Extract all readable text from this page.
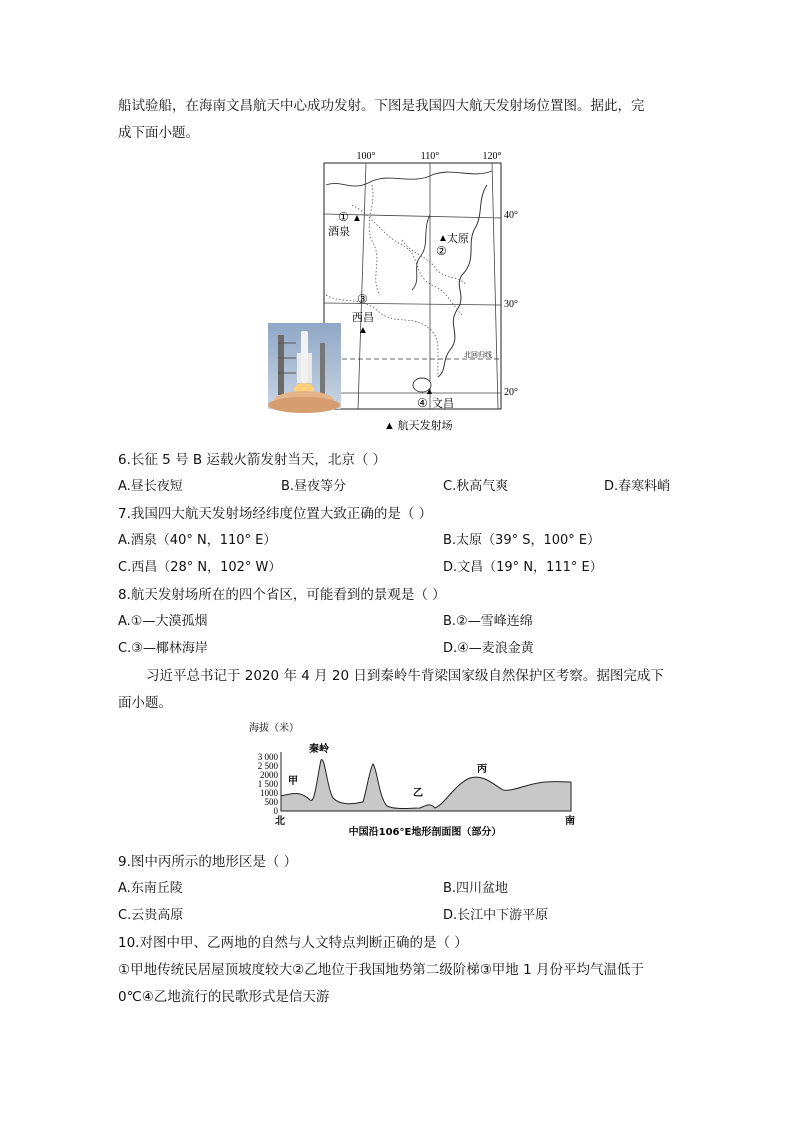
船试验船，在海南文昌航天中心成功发射。下图是我国四大航天发射场位置图。据此，完
成下面小题。
100°	110°	120°
北回归线
40°
30°
20°
① ▲
酒泉
▲ 太原
②
③
西昌
▲
④
▲
文昌
▲ 航天发射场
6.长征 5 号 B 运载火箭发射当天，北京（ ）
A.昼长夜短	B.昼夜等分	C.秋高气爽	D.春寒料峭
7.我国四大航天发射场经纬度位置大致正确的是（ ）
A.酒泉（40° N，110° E）	B.太原（39° S，100° E）
C.西昌（28° N，102° W）	D.文昌（19° N，111° E）
8.航天发射场所在的四个省区，可能看到的景观是（ ）
A.①—大漠孤烟	B.②—雪峰连绵
C.③—椰林海岸	D.④—麦浪金黄
习近平总书记于 2020 年 4 月 20 日到秦岭牛背梁国家级自然保护区考察。据图完成下
面小题。
海拔（米）
3 000
2 500
2000
1 500
1000
500
0
甲
秦岭
乙
丙
北	南
中国沿106°E地形剖面图（部分）
9.图中丙所示的地形区是（ ）
A.东南丘陵	B.四川盆地
C.云贵高原	D.长江中下游平原
10.对图中甲、乙两地的自然与人文特点判断正确的是（ ）
①甲地传统民居屋顶坡度较大②乙地位于我国地势第二级阶梯③甲地 1 月份平均气温低于
0℃④乙地流行的民歌形式是信天游
